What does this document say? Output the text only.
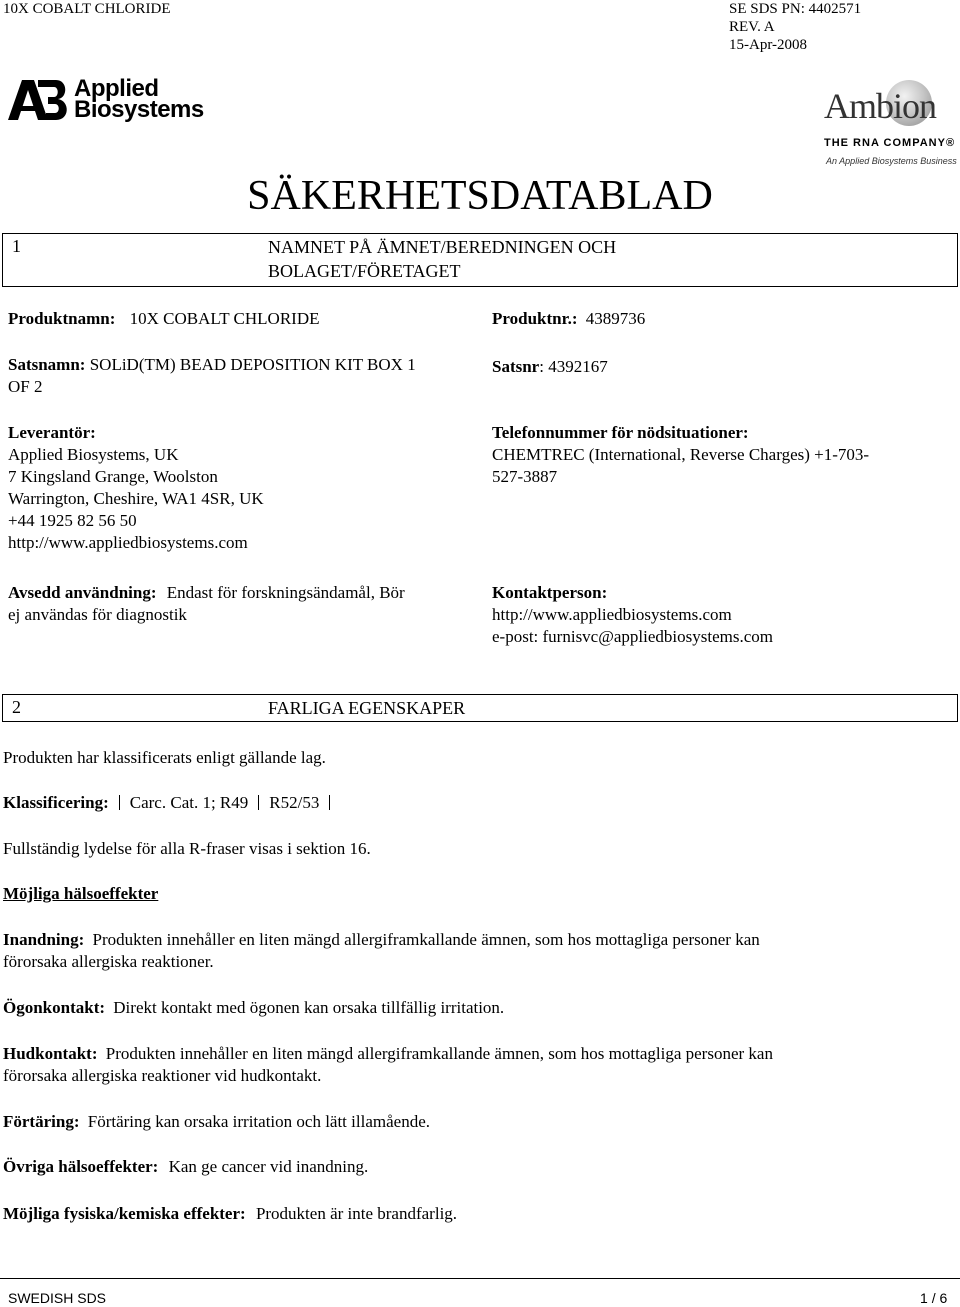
10X COBALT CHLORIDE	SE SDS PN: 4402571
REV. A
15-Apr-2008
Applied
Biosystems	Ambion
THE RNA COMPANY®
An Applied Biosystems Business
SÄKERHETSDATABLAD
1	NAMNET PÅ ÄMNET/BEREDNINGEN OCH
BOLAGET/FÖRETAGET
Produktnamn: 10X COBALT CHLORIDE	Produktnr.: 4389736
Satsnamn: SOLiD(TM) BEAD DEPOSITION KIT BOX 1
OF 2
Satsnr: 4392167
Leverantör:
Applied Biosystems, UK
7 Kingsland Grange, Woolston
Warrington, Cheshire, WA1 4SR, UK
+44 1925 82 56 50
http://www.appliedbiosystems.com
Telefonnummer för nödsituationer:
CHEMTREC (International, Reverse Charges) +1-703-
527-3887
Avsedd användning: Endast för forskningsändamål, Bör
ej användas för diagnostik
Kontaktperson:
http://www.appliedbiosystems.com
e-post: furnisvc@appliedbiosystems.com
2	FARLIGA EGENSKAPER
Produkten har klassificerats enligt gällande lag.
Klassificering: Carc. Cat. 1; R49 R52/53
Fullständig lydelse för alla R-fraser visas i sektion 16.
Möjliga hälsoeffekter
Inandning: Produkten innehåller en liten mängd allergiframkallande ämnen, som hos mottagliga personer kan
förorsaka allergiska reaktioner.
Ögonkontakt: Direkt kontakt med ögonen kan orsaka tillfällig irritation.
Hudkontakt: Produkten innehåller en liten mängd allergiframkallande ämnen, som hos mottagliga personer kan
förorsaka allergiska reaktioner vid hudkontakt.
Förtäring: Förtäring kan orsaka irritation och lätt illamående.
Övriga hälsoeffekter: Kan ge cancer vid inandning.
Möjliga fysiska/kemiska effekter: Produkten är inte brandfarlig.
SWEDISH SDS	1 / 6
